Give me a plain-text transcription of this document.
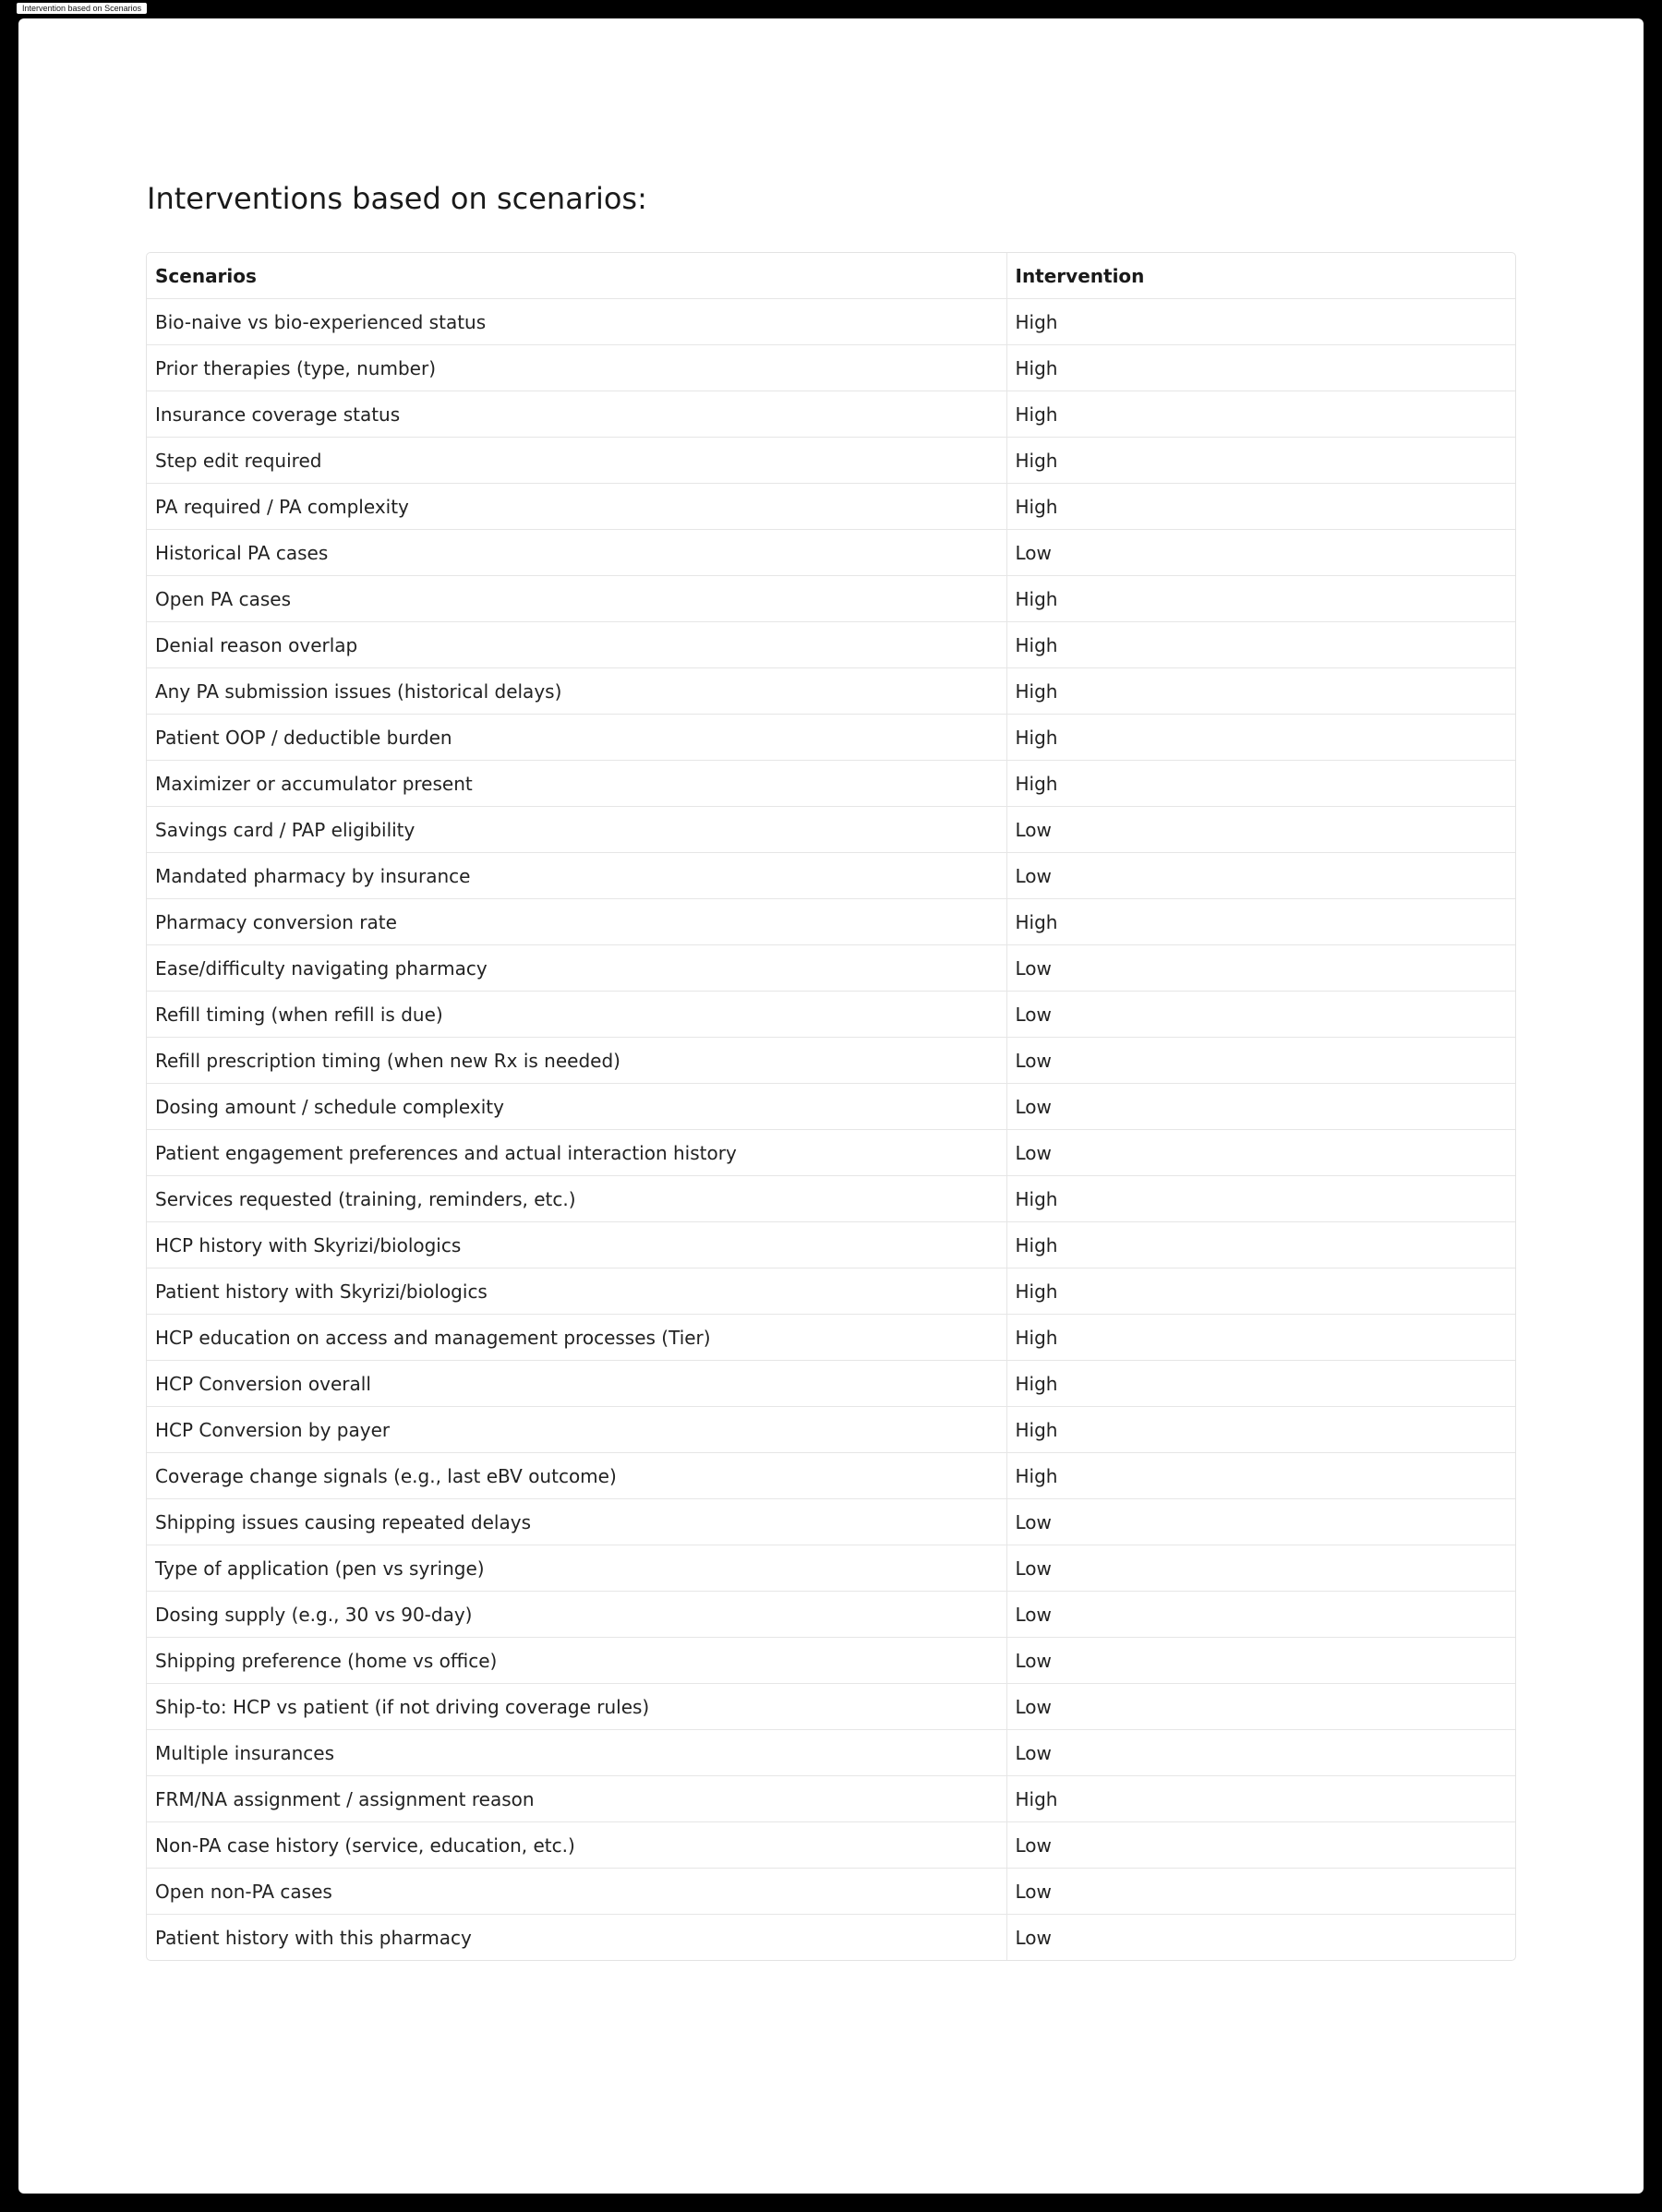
Intervention based on Scenarios
Interventions based on scenarios:
Scenarios	Intervention
Bio-naive vs bio-experienced status	High
Prior therapies (type, number)	High
Insurance coverage status	High
Step edit required	High
PA required / PA complexity	High
Historical PA cases	Low
Open PA cases	High
Denial reason overlap	High
Any PA submission issues (historical delays)	High
Patient OOP / deductible burden	High
Maximizer or accumulator present	High
Savings card / PAP eligibility	Low
Mandated pharmacy by insurance	Low
Pharmacy conversion rate	High
Ease/difficulty navigating pharmacy	Low
Refill timing (when refill is due)	Low
Refill prescription timing (when new Rx is needed)	Low
Dosing amount / schedule complexity	Low
Patient engagement preferences and actual interaction history	Low
Services requested (training, reminders, etc.)	High
HCP history with Skyrizi/biologics	High
Patient history with Skyrizi/biologics	High
HCP education on access and management processes (Tier)	High
HCP Conversion overall	High
HCP Conversion by payer	High
Coverage change signals (e.g., last eBV outcome)	High
Shipping issues causing repeated delays	Low
Type of application (pen vs syringe)	Low
Dosing supply (e.g., 30 vs 90-day)	Low
Shipping preference (home vs office)	Low
Ship-to: HCP vs patient (if not driving coverage rules)	Low
Multiple insurances	Low
FRM/NA assignment / assignment reason	High
Non-PA case history (service, education, etc.)	Low
Open non-PA cases	Low
Patient history with this pharmacy	Low
